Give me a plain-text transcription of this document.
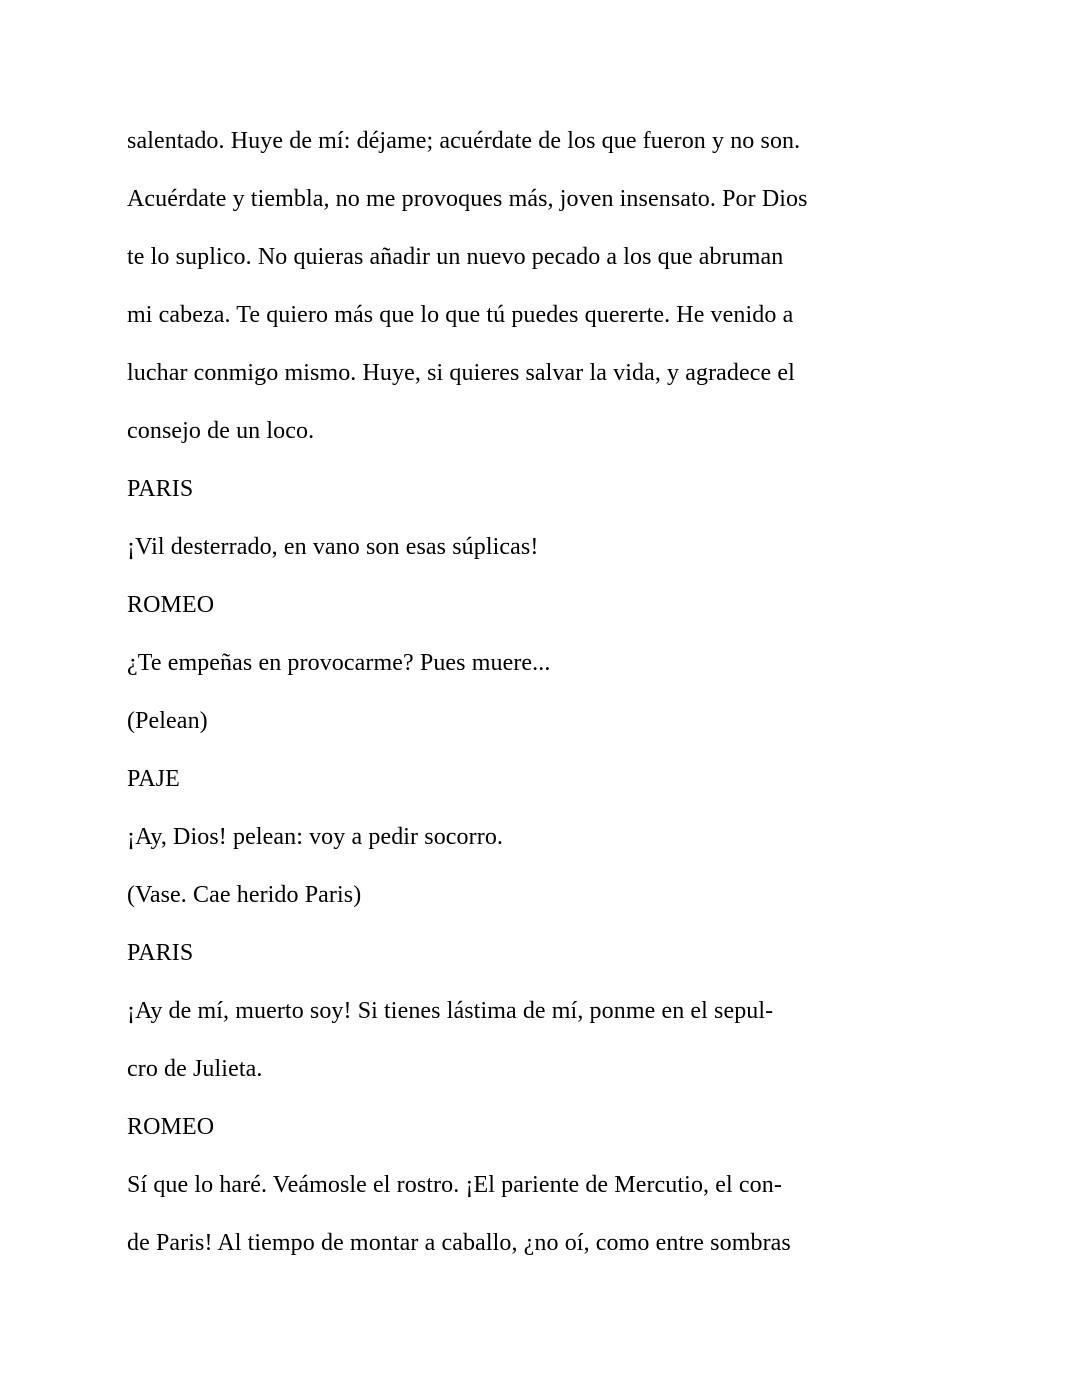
salentado. Huye de mí: déjame; acuérdate de los que fueron y no son.
Acuérdate y tiembla, no me provoques más, joven insensato. Por Dios
te lo suplico. No quieras añadir un nuevo pecado a los que abruman
mi cabeza. Te quiero más que lo que tú puedes quererte. He venido a
luchar conmigo mismo. Huye, si quieres salvar la vida, y agradece el
consejo de un loco.
PARIS
¡Vil desterrado, en vano son esas súplicas!
ROMEO
¿Te empeñas en provocarme? Pues muere...
(Pelean)
PAJE
¡Ay, Dios! pelean: voy a pedir socorro.
(Vase. Cae herido Paris)
PARIS
¡Ay de mí, muerto soy! Si tienes lástima de mí, ponme en el sepul-
cro de Julieta.
ROMEO
Sí que lo haré. Veámosle el rostro. ¡El pariente de Mercutio, el con-
de Paris! Al tiempo de montar a caballo, ¿no oí, como entre sombras
